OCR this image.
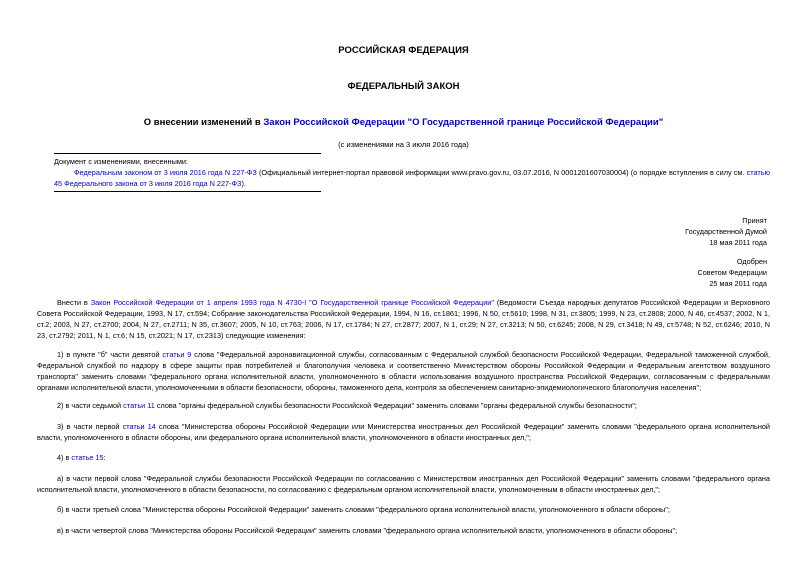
РОССИЙСКАЯ ФЕДЕРАЦИЯ
ФЕДЕРАЛЬНЫЙ ЗАКОН
О внесении изменений в Закон Российской Федерации "О Государственной границе Российской Федерации"
(с изменениями на 3 июля 2016 года)

Документ с изменениями, внесенными:

Федеральным законом от 3 июля 2016 года N 227-ФЗ (Официальный интернет-портал правовой информации www.pravo.gov.ru, 03.07.2016, N 0001201607030004) (о порядке вступления в силу см. статью 45 Федерального закона от 3 июля 2016 года N 227-ФЗ).

Принят
Государственной Думой
18 мая 2011 года
Одобрен
Советом Федерации
25 мая 2011 года

Внести в Закон Российской Федерации от 1 апреля 1993 года N 4730-I "О Государственной границе Российской Федерации" (Ведомости Съезда народных депутатов Российской Федерации и Верховного Совета Российской Федерации, 1993, N 17, ст.594; Собрание законодательства Российской Федерации, 1994, N 16, ст.1861; 1996, N 50, ст.5610; 1998, N 31, ст.3805; 1999, N 23, ст.2808; 2000, N 46, ст.4537; 2002, N 1, ст.2; 2003, N 27, ст.2700; 2004, N 27, ст.2711; N 35, ст.3607; 2005, N 10, ст.763; 2006, N 17, ст.1784; N 27, ст.2877; 2007, N 1, ст.29; N 27, ст.3213; N 50, ст.6245; 2008, N 29, ст.3418; N 49, ст.5748; N 52, ст.6246; 2010, N 23, ст.2792; 2011, N 1, ст.6; N 15, ст.2021; N 17, ст.2313) следующие изменения:

1) в пункте "б" части девятой статьи 9 слова "Федеральной аэронавигационной службы, согласованным с Федеральной службой безопасности Российской Федерации, Федеральной таможенной службой, Федеральной службой по надзору в сфере защиты прав потребителей и благополучия человека и соответственно Министерством обороны Российской Федерации и Федеральным агентством воздушного транспорта" заменить словами "федерального органа исполнительной власти, уполномоченного в области использования воздушного пространства Российской Федерации, согласованным с федеральными органами исполнительной власти, уполномоченными в области безопасности, обороны, таможенного дела, контроля за обеспечением санитарно-эпидемиологического благополучия населения";

2) в части седьмой статьи 11 слова "органы федеральной службы безопасности Российской Федерации" заменить словами "органы федеральной службы безопасности";

3) в части первой статьи 14 слова "Министерства обороны Российской Федерации или Министерства иностранных дел Российской Федерации" заменить словами "федерального органа исполнительной власти, уполномоченного в области обороны, или федерального органа исполнительной власти, уполномоченного в области иностранных дел,";

4) в статье 15:

а) в части первой слова "Федеральной службы безопасности Российской Федерации по согласованию с Министерством иностранных дел Российской Федерации" заменить словами "федерального органа исполнительной власти, уполномоченного в области безопасности, по согласованию с федеральным органом исполнительной власти, уполномоченным в области иностранных дел,";

б) в части третьей слова "Министерства обороны Российской Федерации" заменить словами "федерального органа исполнительной власти, уполномоченного в области обороны";

в) в части четвертой слова "Министерства обороны Российской Федерации" заменить словами "федерального органа исполнительной власти, уполномоченного в области обороны";
